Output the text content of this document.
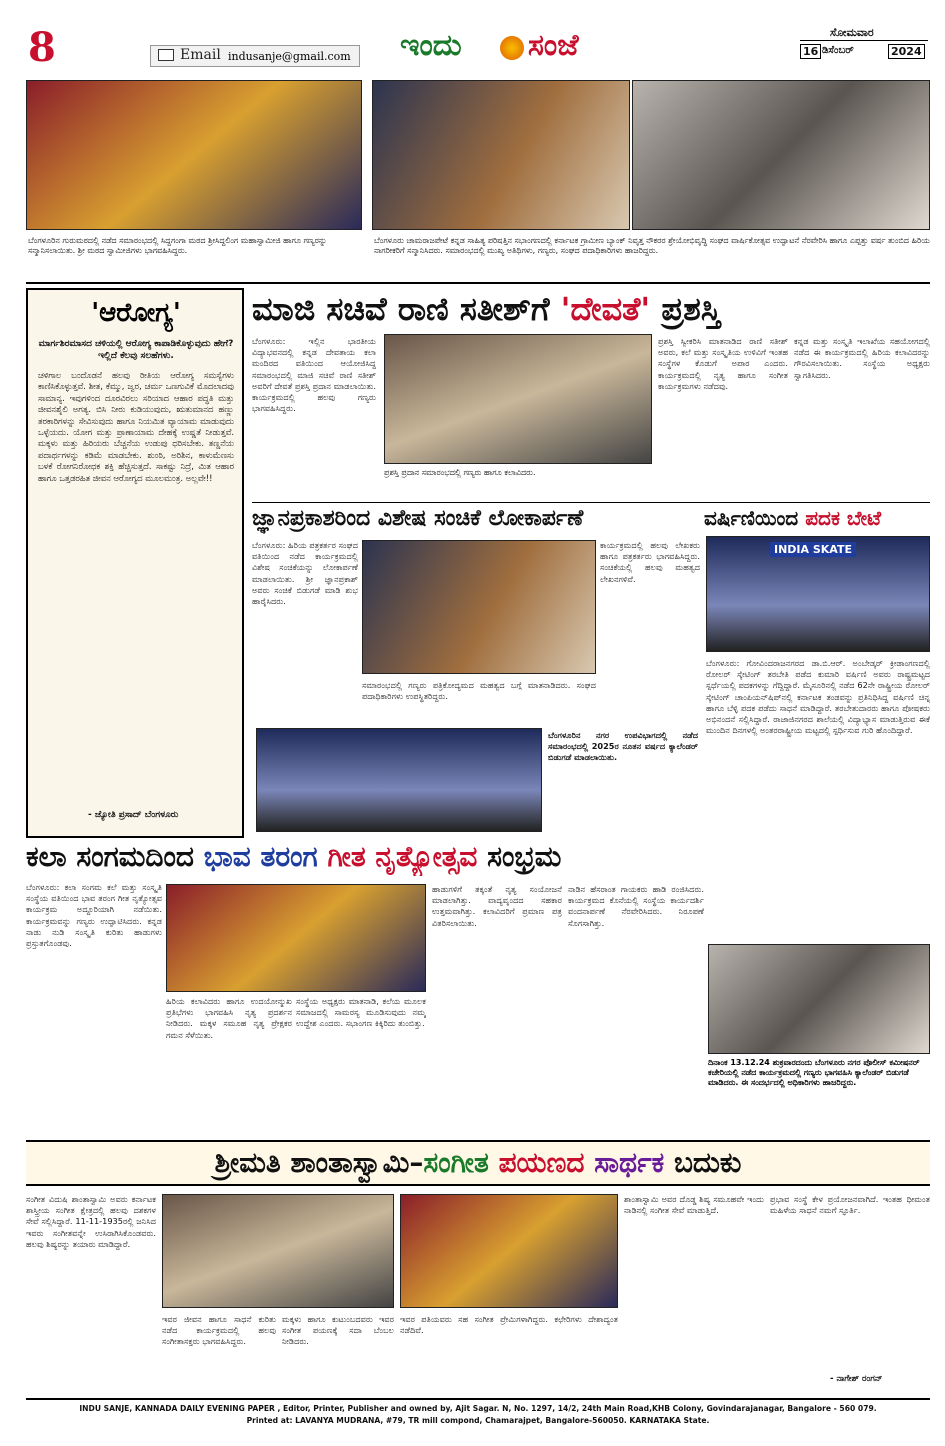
8	Email indusanje@gmail.com ಇಂದು ಸಂಜೆ	ಸೋಮವಾರ
16 ಡಿಸೆಂಬರ್	2024
ಬೆಂಗಳೂರಿನ ಗುರುಮಠದಲ್ಲಿ ನಡೆದ ಸಮಾರಂಭದಲ್ಲಿ ಸಿದ್ದಗಂಗಾ ಮಠದ ಶ್ರೀಸಿದ್ದಲಿಂಗ ಮಹಾಸ್ವಾಮೀಜಿ ಹಾಗೂ ಗಣ್ಯರನ್ನು ಸನ್ಮಾನಿಸಲಾಯಿತು. ಶ್ರೀ ಮಠದ ಸ್ವಾಮೀಜಿಗಳು ಭಾಗವಹಿಸಿದ್ದರು.
ಬೆಂಗಳೂರು ಚಾಮರಾಜಪೇಟೆ ಕನ್ನಡ ಸಾಹಿತ್ಯ ಪರಿಷತ್ತಿನ ಸಭಾಂಗಣದಲ್ಲಿ ಕರ್ನಾಟಕ ಗ್ರಾಮೀಣ ಬ್ಯಾಂಕ್ ನಿವೃತ್ತ ನೌಕರರ ಶ್ರೇಯೋಭಿವೃದ್ಧಿ ಸಂಘದ ವಾರ್ಷಿಕೋತ್ಸವ ಉದ್ಘಾಟನೆ ನೆರವೇರಿಸಿ ಹಾಗೂ ಎಪ್ಪತ್ತು ವರ್ಷ ತುಂಬಿದ ಹಿರಿಯ ನಾಗರೀಕರಿಗೆ ಸನ್ಮಾನಿಸಿದರು. ಸಮಾರಂಭದಲ್ಲಿ ಮುಖ್ಯ ಅತಿಥಿಗಳು, ಗಣ್ಯರು, ಸಂಘದ ಪದಾಧಿಕಾರಿಗಳು ಹಾಜರಿದ್ದರು.
'ಆರೋಗ್ಯ'
ಮಾರ್ಗಶಿರಮಾಸದ ಚಳಿಯಲ್ಲಿ ಆರೋಗ್ಯ ಕಾಪಾಡಿಕೊಳ್ಳುವುದು ಹೇಗೆ? ಇಲ್ಲಿದೆ ಕೆಲವು ಸಲಹೆಗಳು.
ಚಳಿಗಾಲ ಬಂದೊಡನೆ ಹಲವು ರೀತಿಯ ಆರೋಗ್ಯ ಸಮಸ್ಯೆಗಳು ಕಾಣಿಸಿಕೊಳ್ಳುತ್ತವೆ. ಶೀತ, ಕೆಮ್ಮು, ಜ್ವರ, ಚರ್ಮ ಒಣಗುವಿಕೆ ಮೊದಲಾದವು ಸಾಮಾನ್ಯ. ಇವುಗಳಿಂದ ದೂರವಿರಲು ಸರಿಯಾದ ಆಹಾರ ಪದ್ಧತಿ ಮತ್ತು ಜೀವನಶೈಲಿ ಅಗತ್ಯ. ಬಿಸಿ ನೀರು ಕುಡಿಯುವುದು, ಋತುಮಾನದ ಹಣ್ಣು ತರಕಾರಿಗಳನ್ನು ಸೇವಿಸುವುದು ಹಾಗೂ ನಿಯಮಿತ ವ್ಯಾಯಾಮ ಮಾಡುವುದು ಒಳ್ಳೆಯದು. ಯೋಗ ಮತ್ತು ಪ್ರಾಣಾಯಾಮ ದೇಹಕ್ಕೆ ಉಷ್ಣತೆ ನೀಡುತ್ತವೆ. ಮಕ್ಕಳು ಮತ್ತು ಹಿರಿಯರು ಬೆಚ್ಚನೆಯ ಉಡುಪು ಧರಿಸಬೇಕು. ತಣ್ಣನೆಯ ಪದಾರ್ಥಗಳನ್ನು ಕಡಿಮೆ ಮಾಡಬೇಕು. ಶುಂಠಿ, ಅರಿಶಿನ, ಕಾಳುಮೆಣಸು ಬಳಕೆ ರೋಗನಿರೋಧಕ ಶಕ್ತಿ ಹೆಚ್ಚಿಸುತ್ತದೆ. ಸಾಕಷ್ಟು ನಿದ್ರೆ, ಮಿತ ಆಹಾರ ಹಾಗೂ ಒತ್ತಡರಹಿತ ಜೀವನ ಆರೋಗ್ಯದ ಮೂಲಮಂತ್ರ. ಅಲ್ಲವೇ!!
- ಜ್ಯೋತಿ ಪ್ರಸಾದ್ ಬೆಂಗಳೂರು
ಮಾಜಿ ಸಚಿವೆ ರಾಣಿ ಸತೀಶ್‌ಗೆ 'ದೇವತೆ' ಪ್ರಶಸ್ತಿ
ಬೆಂಗಳೂರು: ಇಲ್ಲಿನ ಭಾರತೀಯ ವಿದ್ಯಾಭವನದಲ್ಲಿ ಕನ್ನಡ ದೇವತಾಯ ಕಲಾ ಮಂದಿರದ ವತಿಯಿಂದ ಆಯೋಜಿಸಿದ್ದ ಸಮಾರಂಭದಲ್ಲಿ ಮಾಜಿ ಸಚಿವೆ ರಾಣಿ ಸತೀಶ್ ಅವರಿಗೆ ದೇವತೆ ಪ್ರಶಸ್ತಿ ಪ್ರದಾನ ಮಾಡಲಾಯಿತು. ಕಾರ್ಯಕ್ರಮದಲ್ಲಿ ಹಲವು ಗಣ್ಯರು ಭಾಗವಹಿಸಿದ್ದರು.
ಪ್ರಶಸ್ತಿ ಪ್ರದಾನ ಸಮಾರಂಭದಲ್ಲಿ ಗಣ್ಯರು ಹಾಗೂ ಕಲಾವಿದರು.
ಪ್ರಶಸ್ತಿ ಸ್ವೀಕರಿಸಿ ಮಾತನಾಡಿದ ರಾಣಿ ಸತೀಶ್ ಅವರು, ಕಲೆ ಮತ್ತು ಸಂಸ್ಕೃತಿಯ ಉಳಿವಿಗೆ ಇಂತಹ ಸಂಸ್ಥೆಗಳ ಕೊಡುಗೆ ಅಪಾರ ಎಂದರು. ಕಾರ್ಯಕ್ರಮದಲ್ಲಿ ನೃತ್ಯ ಹಾಗೂ ಸಂಗೀತ ಕಾರ್ಯಕ್ರಮಗಳು ನಡೆದವು.
ಕನ್ನಡ ಮತ್ತು ಸಂಸ್ಕೃತಿ ಇಲಾಖೆಯ ಸಹಯೋಗದಲ್ಲಿ ನಡೆದ ಈ ಕಾರ್ಯಕ್ರಮದಲ್ಲಿ ಹಿರಿಯ ಕಲಾವಿದರನ್ನು ಗೌರವಿಸಲಾಯಿತು. ಸಂಸ್ಥೆಯ ಅಧ್ಯಕ್ಷರು ಸ್ವಾಗತಿಸಿದರು.
ಜ್ಞಾನಪ್ರಕಾಶರಿಂದ ವಿಶೇಷ ಸಂಚಿಕೆ ಲೋಕಾರ್ಪಣೆ
ಬೆಂಗಳೂರು: ಹಿರಿಯ ಪತ್ರಕರ್ತರ ಸಂಘದ ವತಿಯಿಂದ ನಡೆದ ಕಾರ್ಯಕ್ರಮದಲ್ಲಿ ವಿಶೇಷ ಸಂಚಿಕೆಯನ್ನು ಲೋಕಾರ್ಪಣೆ ಮಾಡಲಾಯಿತು. ಶ್ರೀ ಜ್ಞಾನಪ್ರಕಾಶ್ ಅವರು ಸಂಚಿಕೆ ಬಿಡುಗಡೆ ಮಾಡಿ ಶುಭ ಹಾರೈಸಿದರು.
ಕಾರ್ಯಕ್ರಮದಲ್ಲಿ ಹಲವು ಲೇಖಕರು ಹಾಗೂ ಪತ್ರಕರ್ತರು ಭಾಗವಹಿಸಿದ್ದರು. ಸಂಚಿಕೆಯಲ್ಲಿ ಹಲವು ಮಹತ್ವದ ಲೇಖನಗಳಿವೆ.
ಸಮಾರಂಭದಲ್ಲಿ ಗಣ್ಯರು ಪತ್ರಿಕೋದ್ಯಮದ ಮಹತ್ವದ ಬಗ್ಗೆ ಮಾತನಾಡಿದರು. ಸಂಘದ ಪದಾಧಿಕಾರಿಗಳು ಉಪಸ್ಥಿತರಿದ್ದರು.
ಬೆಂಗಳೂರಿನ ನಗರ ಉಪವಿಭಾಗದಲ್ಲಿ ನಡೆದ ಸಮಾರಂಭದಲ್ಲಿ 2025ರ ನೂತನ ವರ್ಷದ ಕ್ಯಾಲೆಂಡರ್ ಬಿಡುಗಡೆ ಮಾಡಲಾಯಿತು.
ವರ್ಷಿಣಿಯಿಂದ ಪದಕ ಬೇಟೆ
INDIA SKATE
ಬೆಂಗಳೂರು: ಗೋವಿಂದರಾಜನಗರದ ಡಾ.ಬಿ.ಆರ್. ಅಂಬೇಡ್ಕರ್ ಕ್ರೀಡಾಂಗಣದಲ್ಲಿ ರೋಲರ್ ಸ್ಕೇಟಿಂಗ್ ತರಬೇತಿ ಪಡೆದ ಕುಮಾರಿ ವರ್ಷಿಣಿ ಅವರು ರಾಷ್ಟ್ರಮಟ್ಟದ ಸ್ಪರ್ಧೆಯಲ್ಲಿ ಪದಕಗಳನ್ನು ಗೆದ್ದಿದ್ದಾರೆ. ಮೈಸೂರಿನಲ್ಲಿ ನಡೆದ 62ನೇ ರಾಷ್ಟ್ರೀಯ ರೋಲರ್ ಸ್ಕೇಟಿಂಗ್ ಚಾಂಪಿಯನ್‌ಷಿಪ್‌ನಲ್ಲಿ ಕರ್ನಾಟಕ ತಂಡವನ್ನು ಪ್ರತಿನಿಧಿಸಿದ್ದ ವರ್ಷಿಣಿ ಚಿನ್ನ ಹಾಗೂ ಬೆಳ್ಳಿ ಪದಕ ಪಡೆದು ಸಾಧನೆ ಮಾಡಿದ್ದಾರೆ. ತರಬೇತುದಾರರು ಹಾಗೂ ಪೋಷಕರು ಅಭಿನಂದನೆ ಸಲ್ಲಿಸಿದ್ದಾರೆ. ರಾಜಾಜಿನಗರದ ಶಾಲೆಯಲ್ಲಿ ವಿದ್ಯಾಭ್ಯಾಸ ಮಾಡುತ್ತಿರುವ ಈಕೆ ಮುಂದಿನ ದಿನಗಳಲ್ಲಿ ಅಂತರರಾಷ್ಟ್ರೀಯ ಮಟ್ಟದಲ್ಲಿ ಸ್ಪರ್ಧಿಸುವ ಗುರಿ ಹೊಂದಿದ್ದಾರೆ.
ಕಲಾ ಸಂಗಮದಿಂದ ಭಾವ ತರಂಗ ಗೀತ ನೃತ್ಯೋತ್ಸವ ಸಂಭ್ರಮ
ಬೆಂಗಳೂರು: ಕಲಾ ಸಂಗಮ ಕಲೆ ಮತ್ತು ಸಂಸ್ಕೃತಿ ಸಂಸ್ಥೆಯ ವತಿಯಿಂದ ಭಾವ ತರಂಗ ಗೀತ ನೃತ್ಯೋತ್ಸವ ಕಾರ್ಯಕ್ರಮ ಅದ್ದೂರಿಯಾಗಿ ನಡೆಯಿತು. ಕಾರ್ಯಕ್ರಮವನ್ನು ಗಣ್ಯರು ಉದ್ಘಾಟಿಸಿದರು. ಕನ್ನಡ ನಾಡು ನುಡಿ ಸಂಸ್ಕೃತಿ ಕುರಿತು ಹಾಡುಗಳು ಪ್ರಸ್ತುತಗೊಂಡವು.
ಹಿರಿಯ ಕಲಾವಿದರು ಹಾಗೂ ಉದಯೋನ್ಮುಖ ಪ್ರತಿಭೆಗಳು ಭಾಗವಹಿಸಿ ನೃತ್ಯ ಪ್ರದರ್ಶನ ನೀಡಿದರು. ಮಕ್ಕಳ ಸಮೂಹ ನೃತ್ಯ ಪ್ರೇಕ್ಷಕರ ಗಮನ ಸೆಳೆಯಿತು.
ಸಂಸ್ಥೆಯ ಅಧ್ಯಕ್ಷರು ಮಾತನಾಡಿ, ಕಲೆಯ ಮೂಲಕ ಸಮಾಜದಲ್ಲಿ ಸಾಮರಸ್ಯ ಮೂಡಿಸುವುದು ನಮ್ಮ ಉದ್ದೇಶ ಎಂದರು. ಸಭಾಂಗಣ ಕಿಕ್ಕಿರಿದು ತುಂಬಿತ್ತು.
ಹಾಡುಗಳಿಗೆ ತಕ್ಕಂತೆ ನೃತ್ಯ ಸಂಯೋಜನೆ ಮಾಡಲಾಗಿತ್ತು. ವಾದ್ಯವೃಂದದ ಸಹಕಾರ ಉತ್ತಮವಾಗಿತ್ತು. ಕಲಾವಿದರಿಗೆ ಪ್ರಮಾಣ ಪತ್ರ ವಿತರಿಸಲಾಯಿತು.
ನಾಡಿನ ಹೆಸರಾಂತ ಗಾಯಕರು ಹಾಡಿ ರಂಜಿಸಿದರು. ಕಾರ್ಯಕ್ರಮದ ಕೊನೆಯಲ್ಲಿ ಸಂಸ್ಥೆಯ ಕಾರ್ಯದರ್ಶಿ ವಂದನಾರ್ಪಣೆ ನೆರವೇರಿಸಿದರು. ನಿರೂಪಣೆ ಸೊಗಸಾಗಿತ್ತು.
ದಿನಾಂಕ 13.12.24 ಶುಕ್ರವಾರದಂದು ಬೆಂಗಳೂರು ನಗರ ಪೊಲೀಸ್ ಕಮೀಷನರ್ ಕಚೇರಿಯಲ್ಲಿ ನಡೆದ ಕಾರ್ಯಕ್ರಮದಲ್ಲಿ ಗಣ್ಯರು ಭಾಗವಹಿಸಿ ಕ್ಯಾಲೆಂಡರ್ ಬಿಡುಗಡೆ ಮಾಡಿದರು. ಈ ಸಂದರ್ಭದಲ್ಲಿ ಅಧಿಕಾರಿಗಳು ಹಾಜರಿದ್ದರು.
ಶ್ರೀಮತಿ ಶಾಂತಾಸ್ವಾಮಿ–ಸಂಗೀತ ಪಯಣದ ಸಾರ್ಥಕ ಬದುಕು
ಸಂಗೀತ ವಿದುಷಿ ಶಾಂತಾಸ್ವಾಮಿ ಅವರು ಕರ್ನಾಟಕ ಶಾಸ್ತ್ರೀಯ ಸಂಗೀತ ಕ್ಷೇತ್ರದಲ್ಲಿ ಹಲವು ದಶಕಗಳ ಸೇವೆ ಸಲ್ಲಿಸಿದ್ದಾರೆ. 11-11-1935ರಲ್ಲಿ ಜನಿಸಿದ ಇವರು ಸಂಗೀತವನ್ನೇ ಉಸಿರಾಗಿಸಿಕೊಂಡವರು. ಹಲವು ಶಿಷ್ಯರನ್ನು ತಯಾರು ಮಾಡಿದ್ದಾರೆ.
ಇವರ ಜೀವನ ಹಾಗೂ ಸಾಧನೆ ಕುರಿತು ನಡೆದ ಕಾರ್ಯಕ್ರಮದಲ್ಲಿ ಹಲವು ಸಂಗೀತಾಸಕ್ತರು ಭಾಗವಹಿಸಿದ್ದರು.
ಮಕ್ಕಳು ಹಾಗೂ ಕುಟುಂಬದವರು ಇವರ ಸಂಗೀತ ಪಯಣಕ್ಕೆ ಸದಾ ಬೆಂಬಲ ನೀಡಿದರು.
ಇವರ ಪತಿಯವರು ಸಹ ಸಂಗೀತ ಪ್ರೇಮಿಗಳಾಗಿದ್ದರು. ಕಛೇರಿಗಳು ದೇಶಾದ್ಯಂತ ನಡೆದಿವೆ.
ಶಾಂತಾಸ್ವಾಮಿ ಅವರ ದೊಡ್ಡ ಶಿಷ್ಯ ಸಮೂಹವೇ ಇಂದು ನಾಡಿನಲ್ಲಿ ಸಂಗೀತ ಸೇವೆ ಮಾಡುತ್ತಿದೆ.
ಪ್ರಭಾವ ಸಂಸ್ಥೆ ಕೇಳ ಪ್ರಯೋಜನವಾಗಿದೆ. ಇಂತಹ ಧೀಮಂತ ಮಹಿಳೆಯ ಸಾಧನೆ ನಮಗೆ ಸ್ಫೂರ್ತಿ.
- ನಾಗೇಶ್ ರಂಗನ್
INDU SANJE, KANNADA DAILY EVENING PAPER , Editor, Printer, Publisher and owned by, Ajit Sagar. N, No. 1297, 14/2, 24th Main Road,KHB Colony, Govindarajanagar, Bangalore - 560 079.
Printed at: LAVANYA MUDRANA, #79, TR mill compond, Chamarajpet, Bangalore-560050. KARNATAKA State.
